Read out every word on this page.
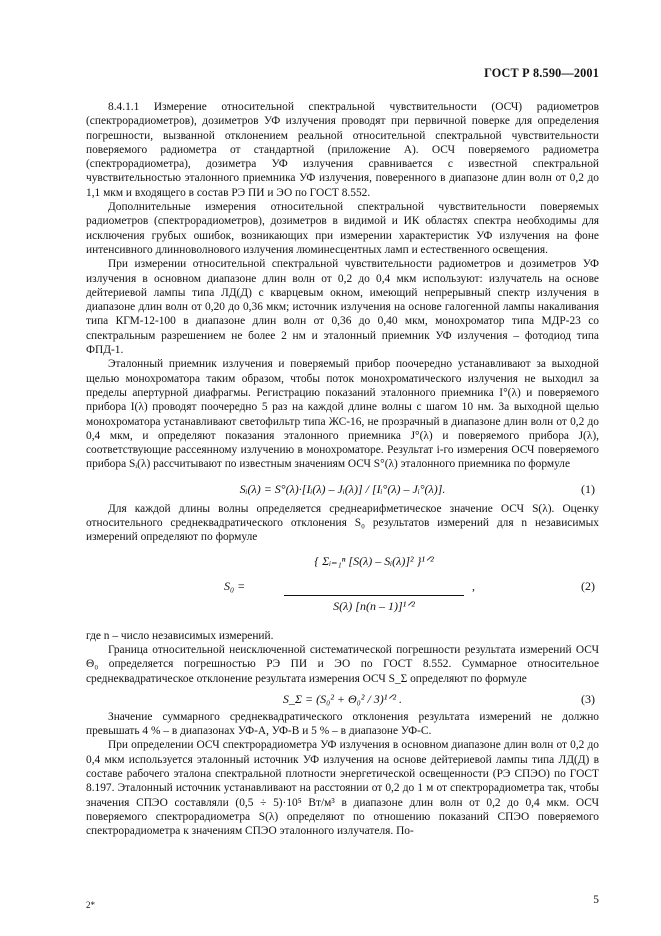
ГОСТ Р 8.590—2001

8.4.1.1 Измерение относительной спектральной чувствительности (ОСЧ) радиометров (спектрорадиометров), дозиметров УФ излучения проводят при первичной поверке для определения погрешности, вызванной отклонением реальной относительной спектральной чувствительности поверяемого радиометра от стандартной (приложение А). ОСЧ поверяемого радиометра (спектрорадиометра), дозиметра УФ излучения сравнивается с известной спектральной чувствительностью эталонного приемника УФ излучения, поверенного в диапазоне длин волн от 0,2 до 1,1 мкм и входящего в состав РЭ ПИ и ЭО по ГОСТ 8.552.

Дополнительные измерения относительной спектральной чувствительности поверяемых радиометров (спектрорадиометров), дозиметров в видимой и ИК областях спектра необходимы для исключения грубых ошибок, возникающих при измерении характеристик УФ излучения на фоне интенсивного длинноволнового излучения люминесцентных ламп и естественного освещения.

При измерении относительной спектральной чувствительности радиометров и дозиметров УФ излучения в основном диапазоне длин волн от 0,2 до 0,4 мкм используют: излучатель на основе дейтериевой лампы типа ЛД(Д) с кварцевым окном, имеющий непрерывный спектр излучения в диапазоне длин волн от 0,20 до 0,36 мкм; источник излучения на основе галогенной лампы накаливания типа КГМ-12-100 в диапазоне длин волн от 0,36 до 0,40 мкм, монохроматор типа МДР-23 со спектральным разрешением не более 2 нм и эталонный приемник УФ излучения – фотодиод типа ФПД-1.

Эталонный приемник излучения и поверяемый прибор поочередно устанавливают за выходной щелью монохроматора таким образом, чтобы поток монохроматического излучения не выходил за пределы апертурной диафрагмы. Регистрацию показаний эталонного приемника I°(λ) и поверяемого прибора I(λ) проводят поочередно 5 раз на каждой длине волны с шагом 10 нм. За выходной щелью монохроматора устанавливают светофильтр типа ЖС-16, не прозрачный в диапазоне длин волн от 0,2 до 0,4 мкм, и определяют показания эталонного приемника J°(λ) и поверяемого прибора J(λ), соответствующие рассеянному излучению в монохроматоре. Результат i-го измерения ОСЧ поверяемого прибора Sᵢ(λ) рассчитывают по известным значениям ОСЧ S°(λ) эталонного приемника по формуле

Sᵢ(λ) = S°(λ)·[Iᵢ(λ) – Jᵢ(λ)] / [Iᵢ°(λ) – Jᵢ°(λ)].	(1)

Для каждой длины волны определяется среднеарифметическое значение ОСЧ S(λ). Оценку относительного среднеквадратического отклонения S₀ результатов измерений для n независимых измерений определяют по формуле

S₀ =
{ Σᵢ₌₁ⁿ [S(λ) – Sᵢ(λ)]² }¹ᐟ²
S(λ) [n(n – 1)]¹ᐟ²
,	(2)

где n – число независимых измерений.

Граница относительной неисключенной систематической погрешности результата измерений ОСЧ Θ₀ определяется погрешностью РЭ ПИ и ЭО по ГОСТ 8.552. Суммарное относительное среднеквадратическое отклонение результата измерения ОСЧ S_Σ определяют по формуле

S_Σ = (S₀² + Θ₀² / 3)¹ᐟ² .	(3)

Значение суммарного среднеквадратического отклонения результата измерений не должно превышать 4 % – в диапазонах УФ-А, УФ-В и 5 % – в диапазоне УФ-С.

При определении ОСЧ спектрорадиометра УФ излучения в основном диапазоне длин волн от 0,2 до 0,4 мкм используется эталонный источник УФ излучения на основе дейтериевой лампы типа ЛД(Д) в составе рабочего эталона спектральной плотности энергетической освещенности (РЭ СПЭО) по ГОСТ 8.197. Эталонный источник устанавливают на расстоянии от 0,2 до 1 м от спектрорадиометра так, чтобы значения СПЭО составляли (0,5 ÷ 5)·10⁵ Вт/м³ в диапазоне длин волн от 0,2 до 0,4 мкм. ОСЧ поверяемого спектрорадиометра S(λ) определяют по отношению показаний СПЭО поверяемого спектрорадиометра к значениям СПЭО эталонного излучателя. По-

2*	5
